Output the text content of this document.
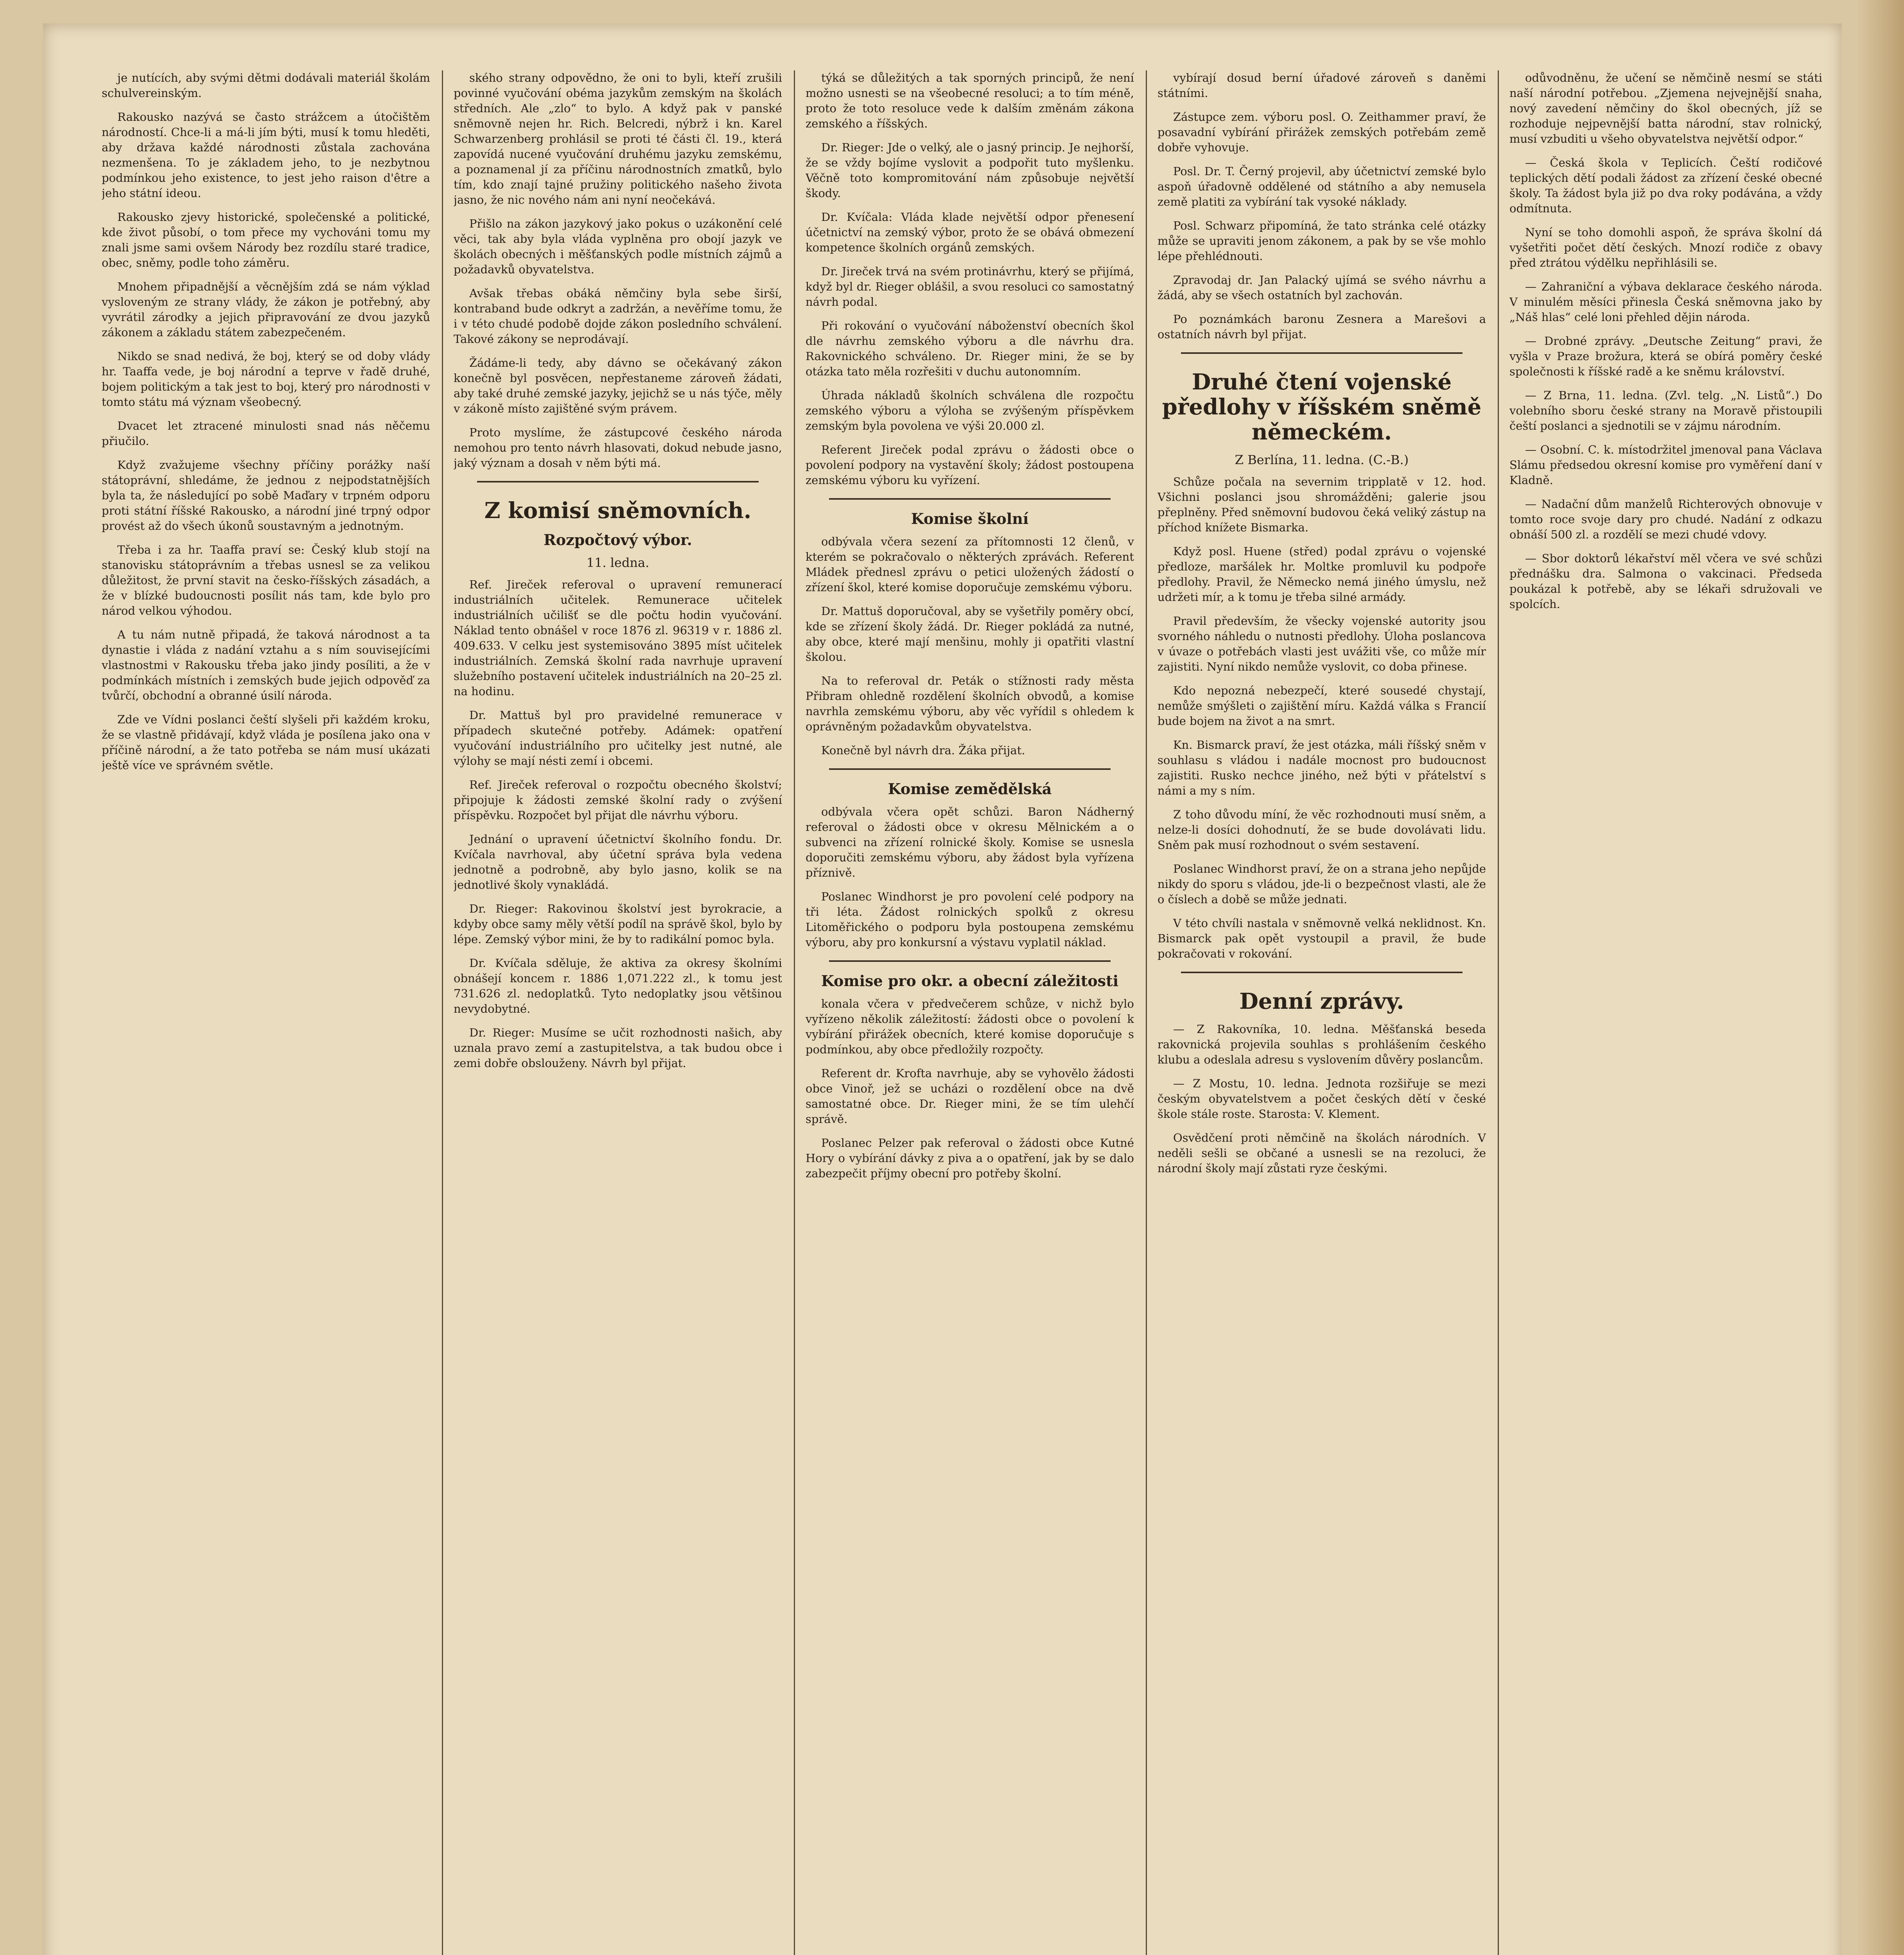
je nutících, aby svými dětmi dodávali materiál školám schulvereinským.

Rakousko nazývá se často strážcem a útočištěm národností. Chce-li a má-li jím býti, musí k tomu hleděti, aby država každé národnosti zůstala zachována nezmenšena. To je základem jeho, to je nezbytnou podmínkou jeho existence, to jest jeho raison d'être a jeho státní ideou.

Rakousko zjevy historické, společenské a politické, kde život působí, o tom přece my vychováni tomu my znali jsme sami ovšem Národy bez rozdílu staré tradice, obec, sněmy, podle toho záměru.

Mnohem připadnější a věcnějším zdá se nám výklad vysloveným ze strany vlády, že zákon je potřebný, aby vyvrátil zárodky a jejich připravování ze dvou jazyků zákonem a základu státem zabezpečeném.

Nikdo se snad nedivá, že boj, který se od doby vlády hr. Taaffa vede, je boj národní a teprve v řadě druhé, bojem politickým a tak jest to boj, který pro národnosti v tomto státu má význam všeobecný.

Dvacet let ztracené minulosti snad nás něčemu přiučilo.

Když zvažujeme všechny příčiny porážky naší státoprávní, shledáme, že jednou z nejpodstatnějších byla ta, že následující po sobě Maďary v trpném odporu proti státní říšské Rakousko, a národní jiné trpný odpor provést až do všech úkonů soustavným a jednotným.

Třeba i za hr. Taaffa praví se: Český klub stojí na stanovisku státoprávním a třebas usnesl se za velikou důležitost, že první stavit na česko-říšských zásadách, a že v blízké budoucnosti posílit nás tam, kde bylo pro národ velkou výhodou.

A tu nám nutně připadá, že taková národnost a ta dynastie i vláda z nadání vztahu a s ním souvisejícími vlastnostmi v Rakousku třeba jako jindy posíliti, a že v podmínkách místních i zemských bude jejich odpověď za tvůrčí, obchodní a obranné úsilí národa.

Zde ve Vídni poslanci čeští slyšeli při každém kroku, že se vlastně přidávají, když vláda je posílena jako ona v příčině národní, a že tato potřeba se nám musí ukázati ještě více ve správném světle.

ského strany odpovědno, že oni to byli, kteří zrušili povinné vyučování obéma jazykům zemským na školách středních. Ale „zlo“ to bylo. A když pak v panské sněmovně nejen hr. Rich. Belcredi, nýbrž i kn. Karel Schwarzenberg prohlásil se proti té části čl. 19., která zapovídá nucené vyučování druhému jazyku zemskému, a poznamenal jí za příčinu národnostních zmatků, bylo tím, kdo znají tajné pružiny politického našeho života jasno, že nic nového nám ani nyní neočekává.

Přišlo na zákon jazykový jako pokus o uzákonění celé věci, tak aby byla vláda vyplněna pro obojí jazyk ve školách obecných i měšťanských podle místních zájmů a požadavků obyvatelstva.

Avšak třebas obáká němčiny byla sebe širší, kontraband bude odkryt a zadržán, a nevěřímе tomu, že i v této chudé podobě dojde zákon posledního schválení. Takové zákony se neprodávají.

Žádáme-li tedy, aby dávno se očekávaný zákon konečně byl posvěcen, nepřestaneme zároveň žádati, aby také druhé zemské jazyky, jejichž se u nás týče, měly v zákoně místo zajištěné svým právem.

Proto myslíme, že zástupcové českého národa nemohou pro tento návrh hlasovati, dokud nebude jasno, jaký význam a dosah v něm býti má.

Z komisí sněmovních.
Rozpočtový výbor.
11. ledna.

Ref. Jireček referoval o upravení remunerací industriálních učitelek. Remunerace učitelek industriálních učilišť se dle počtu hodin vyučování. Náklad tento obnášel v roce 1876 zl. 96319 v r. 1886 zl. 409.633. V celku jest systemisováno 3895 míst učitelek industriálních. Zemská školní rada navrhuje upravení služebního postavení učitelek industriálních na 20–25 zl. na hodinu.

Dr. Mattuš byl pro pravidelné remunerace v případech skutečné potřeby. Adámek: opatření vyučování industriálního pro učitelky jest nutné, ale výlohy se mají nésti zemí i obcemi.

Ref. Jireček referoval o rozpočtu obecného školství; připojuje k žádosti zemské školní rady o zvýšení příspěvku. Rozpočet byl přijat dle návrhu výboru.

Jednání o upravení účetnictví školního fondu. Dr. Kvíčala navrhoval, aby účetní správa byla vedena jednotně a podrobně, aby bylo jasno, kolik se na jednotlivé školy vynakládá.

Dr. Rieger: Rakovinou školství jest byrokracie, a kdyby obce samy měly větší podíl na správě škol, bylo by lépe. Zemský výbor mini, že by to radikální pomoc byla.

Dr. Kvíčala sděluje, že aktiva za okresy školními obnášejí koncem r. 1886 1,071.222 zl., k tomu jest 731.626 zl. nedoplatků. Tyto nedoplatky jsou většinou nevydobytné.

Dr. Rieger: Musíme se učit rozhodnosti našich, aby uznala pravo zemí a zastupitelstva, a tak budou obce i zemi dobře obslouženy. Návrh byl přijat.

týká se důležitých a tak sporných principů, že není možno usnesti se na všeobecné resoluci; a to tím méně, proto že toto resoluce vede k dalším změnám zákona zemského a říšských.

Dr. Rieger: Jde o velký, ale o jasný princip. Je nejhorší, že se vždy bojíme vyslovit a podpořit tuto myšlenku. Věčně toto kompromitování nám způsobuje největší škody.

Dr. Kvíčala: Vláda klade největší odpor přenesení účetnictví na zemský výbor, proto že se obává obmezení kompetence školních orgánů zemských.

Dr. Jireček trvá na svém protinávrhu, který se přijímá, když byl dr. Rieger oblášil, a svou resoluci co samostatný návrh podal.

Při rokování o vyučování náboženství obecních škol dle návrhu zemského výboru a dle návrhu dra. Rakovnického schváleno. Dr. Rieger mini, že se by otázka tato měla rozřešiti v duchu autonomním.

Úhrada nákladů školních schválena dle rozpočtu zemského výboru a výloha se zvýšeným příspěvkem zemským byla povolena ve výši 20.000 zl.

Referent Jireček podal zprávu o žádosti obce o povolení podpory na vystavění školy; žádost postoupena zemskému výboru ku vyřízení.

Komise školní

odbývala včera sezení za přítomnosti 12 členů, v kterém se pokračovalo o některých zprávách. Referent Mládek přednesl zprávu o petici uložených žádostí o zřízení škol, které komise doporučuje zemskému výboru.

Dr. Mattuš doporučoval, aby se vyšetřily poměry obcí, kde se zřízení školy žádá. Dr. Rieger pokládá za nutné, aby obce, které mají menšinu, mohly ji opatřiti vlastní školou.

Na to referoval dr. Peták o stížnosti rady města Přibram ohledně rozdělení školních obvodů, a komise navrhla zemskému výboru, aby věc vyřídil s ohledem k oprávněným požadavkům obyvatelstva.

Konečně byl návrh dra. Žáka přijat.

Komise zemědělská

odbývala včera opět schůzi. Baron Nádherný referoval o žádosti obce v okresu Mělnickém a o subvenci na zřízení rolnické školy. Komise se usnesla doporučiti zemskému výboru, aby žádost byla vyřízena příznivě.

Poslanec Windhorst je pro povolení celé podpory na tři léta. Žádost rolnických spolků z okresu Litoměřického o podporu byla postoupena zemskému výboru, aby pro konkursní a výstavu vyplatil náklad.

Komise pro okr. a obecní záležitosti

konala včera v předvečerem schůze, v nichž bylo vyřízeno několik záležitostí: žádosti obce o povolení k vybírání přirážek obecních, které komise doporučuje s podmínkou, aby obce předložily rozpočty.

Referent dr. Kroftа navrhuje, aby se vyhovělo žádosti obce Vinoř, jež se ucházi o rozdělení obce na dvě samostatné obce. Dr. Rieger mini, že se tím ulehčí správě.

Poslanec Pelzer pak referoval o žádosti obce Kutné Hory o vybírání dávky z piva a o opatření, jak by se dalo zabezpečit příjmy obecní pro potřeby školní.

vybírají dosud berní úřadové zároveň s daněmi státními.

Zástupce zem. výboru posl. O. Zeithammer praví, že posavadní vybírání přirážek zemských potřebám země dobře vyhovuje.

Posl. Dr. T. Černý projevil, aby účetnictví zemské bylo aspoň úřadovně oddělené od státního a aby nemusela země platiti za vybírání tak vysoké náklady.

Posl. Schwarz připomíná, že tato stránka celé otázky může se upraviti jenom zákonem, a pak by se vše mohlo lépe přehlédnouti.

Zpravodaj dr. Jan Palacký ujímá se svého návrhu a žádá, aby se všech ostatních byl zachován.

Po poznámkách baronu Zesnera a Marešovi a ostatních návrh byl přijat.

Druhé čtení vojenské předlohy v říšském sněmě německém.
Z Berlína, 11. ledna. (C.-B.)

Schůze počala na severnim tripplatě v 12. hod. Všichni poslanci jsou shromážděni; galerie jsou přeplněny. Před sněmovní budovou čeká veliký zástup na příchod knížete Bismarka.

Když posl. Huene (střed) podal zprávu o vojenské předloze, maršálek hr. Moltke promluvil ku podpoře předlohy. Pravil, že Německo nemá jiného úmyslu, než udržeti mír, a k tomu je třeba silné armády.

Pravil především, že všecky vojenské autority jsou svorného náhledu o nutnosti předlohy. Úloha poslancova v úvaze o potřebách vlasti jest uvážiti vše, co může mír zajistiti. Nyní nikdo nemůže vyslovit, co doba přinese.

Kdo nepozná nebezpečí, které sousedé chystají, nemůže smýšleti o zajištění míru. Každá válka s Francií bude bojem na život a na smrt.

Kn. Bismarck praví, že jest otázka, máli říšský sněm v souhlasu s vládou i nadále mocnost pro budoucnost zajistiti. Rusko nechce jiného, než býti v přátelství s námi a my s ním.

Z toho důvodu míní, že věc rozhodnouti musí sněm, a nelze-li dosíci dohodnutí, že se bude dovolávati lidu. Sněm pak musí rozhodnout o svém sestavení.

Poslanec Windhorst praví, že on a strana jeho nepůjde nikdy do sporu s vládou, jde-li o bezpečnost vlasti, ale že o číslech a době se může jednati.

V této chvíli nastala v sněmovně velká neklidnost. Kn. Bismarck pak opět vystoupil a pravil, že bude pokračovati v rokování.

Denní zprávy.

— Z Rakovníka, 10. ledna. Měšťanská beseda rakovnická projevila souhlas s prohlášením českého klubu a odeslala adresu s vyslovením důvěry poslancům.

— Z Mostu, 10. ledna. Jednota rozšiřuje se mezi českým obyvatelstvem a počet českých dětí v české škole stále roste. Starosta: V. Klement.

Osvědčení proti němčině na školách národních. V neděli sešli se občané a usnesli se na rezoluci, že národní školy mají zůstati ryze českými.

odůvodněnu, že učení se němčině nesmí se státi naší národní potřebou. „Zjemena nejvejnější snaha, nový zavedení němčiny do škol obecných, jíž se rozhoduje nejpevnější batta národní, stav rolnický, musí vzbuditi u všeho obyvatelstva největší odpor.“

— Česká škola v Teplicích. Čeští rodičové teplických dětí podali žádost za zřízení české obecné školy. Ta žádost byla již po dva roky podávána, a vždy odmítnuta.

Nyní se toho domohli aspoň, že správa školní dá vyšetřiti počet dětí českých. Mnozí rodiče z obavy před ztrátou výdělku nepřihlásili se.

— Zahraniční a výbava deklarace českého národa. V minulém měsíci přinesla Česká sněmovna jako by „Náš hlas“ celé loni přehled dějin národa.

— Drobné zprávy. „Deutsche Zeitung“ pravi, že vyšla v Praze brožura, která se obírá poměry české společnosti k říšské radě a ke sněmu království.

— Z Brna, 11. ledna. (Zvl. telg. „N. Listů“.) Do volebního sboru české strany na Moravě přistoupili čeští poslanci a sjednotili se v zájmu národním.

— Osobní. C. k. místodržitel jmenoval pana Václava Slámu předsedou okresní komise pro vyměření daní v Kladně.

— Nadační dům manželů Richterových obnovuje v tomto roce svoje dary pro chudé. Nadání z odkazu obnáší 500 zl. a rozdělí se mezi chudé vdovy.

— Sbor doktorů lékařství měl včera ve své schůzi přednášku dra. Salmona o vakcinaci. Předseda poukázal k potřebě, aby se lékaři sdružovali ve spolcích.
